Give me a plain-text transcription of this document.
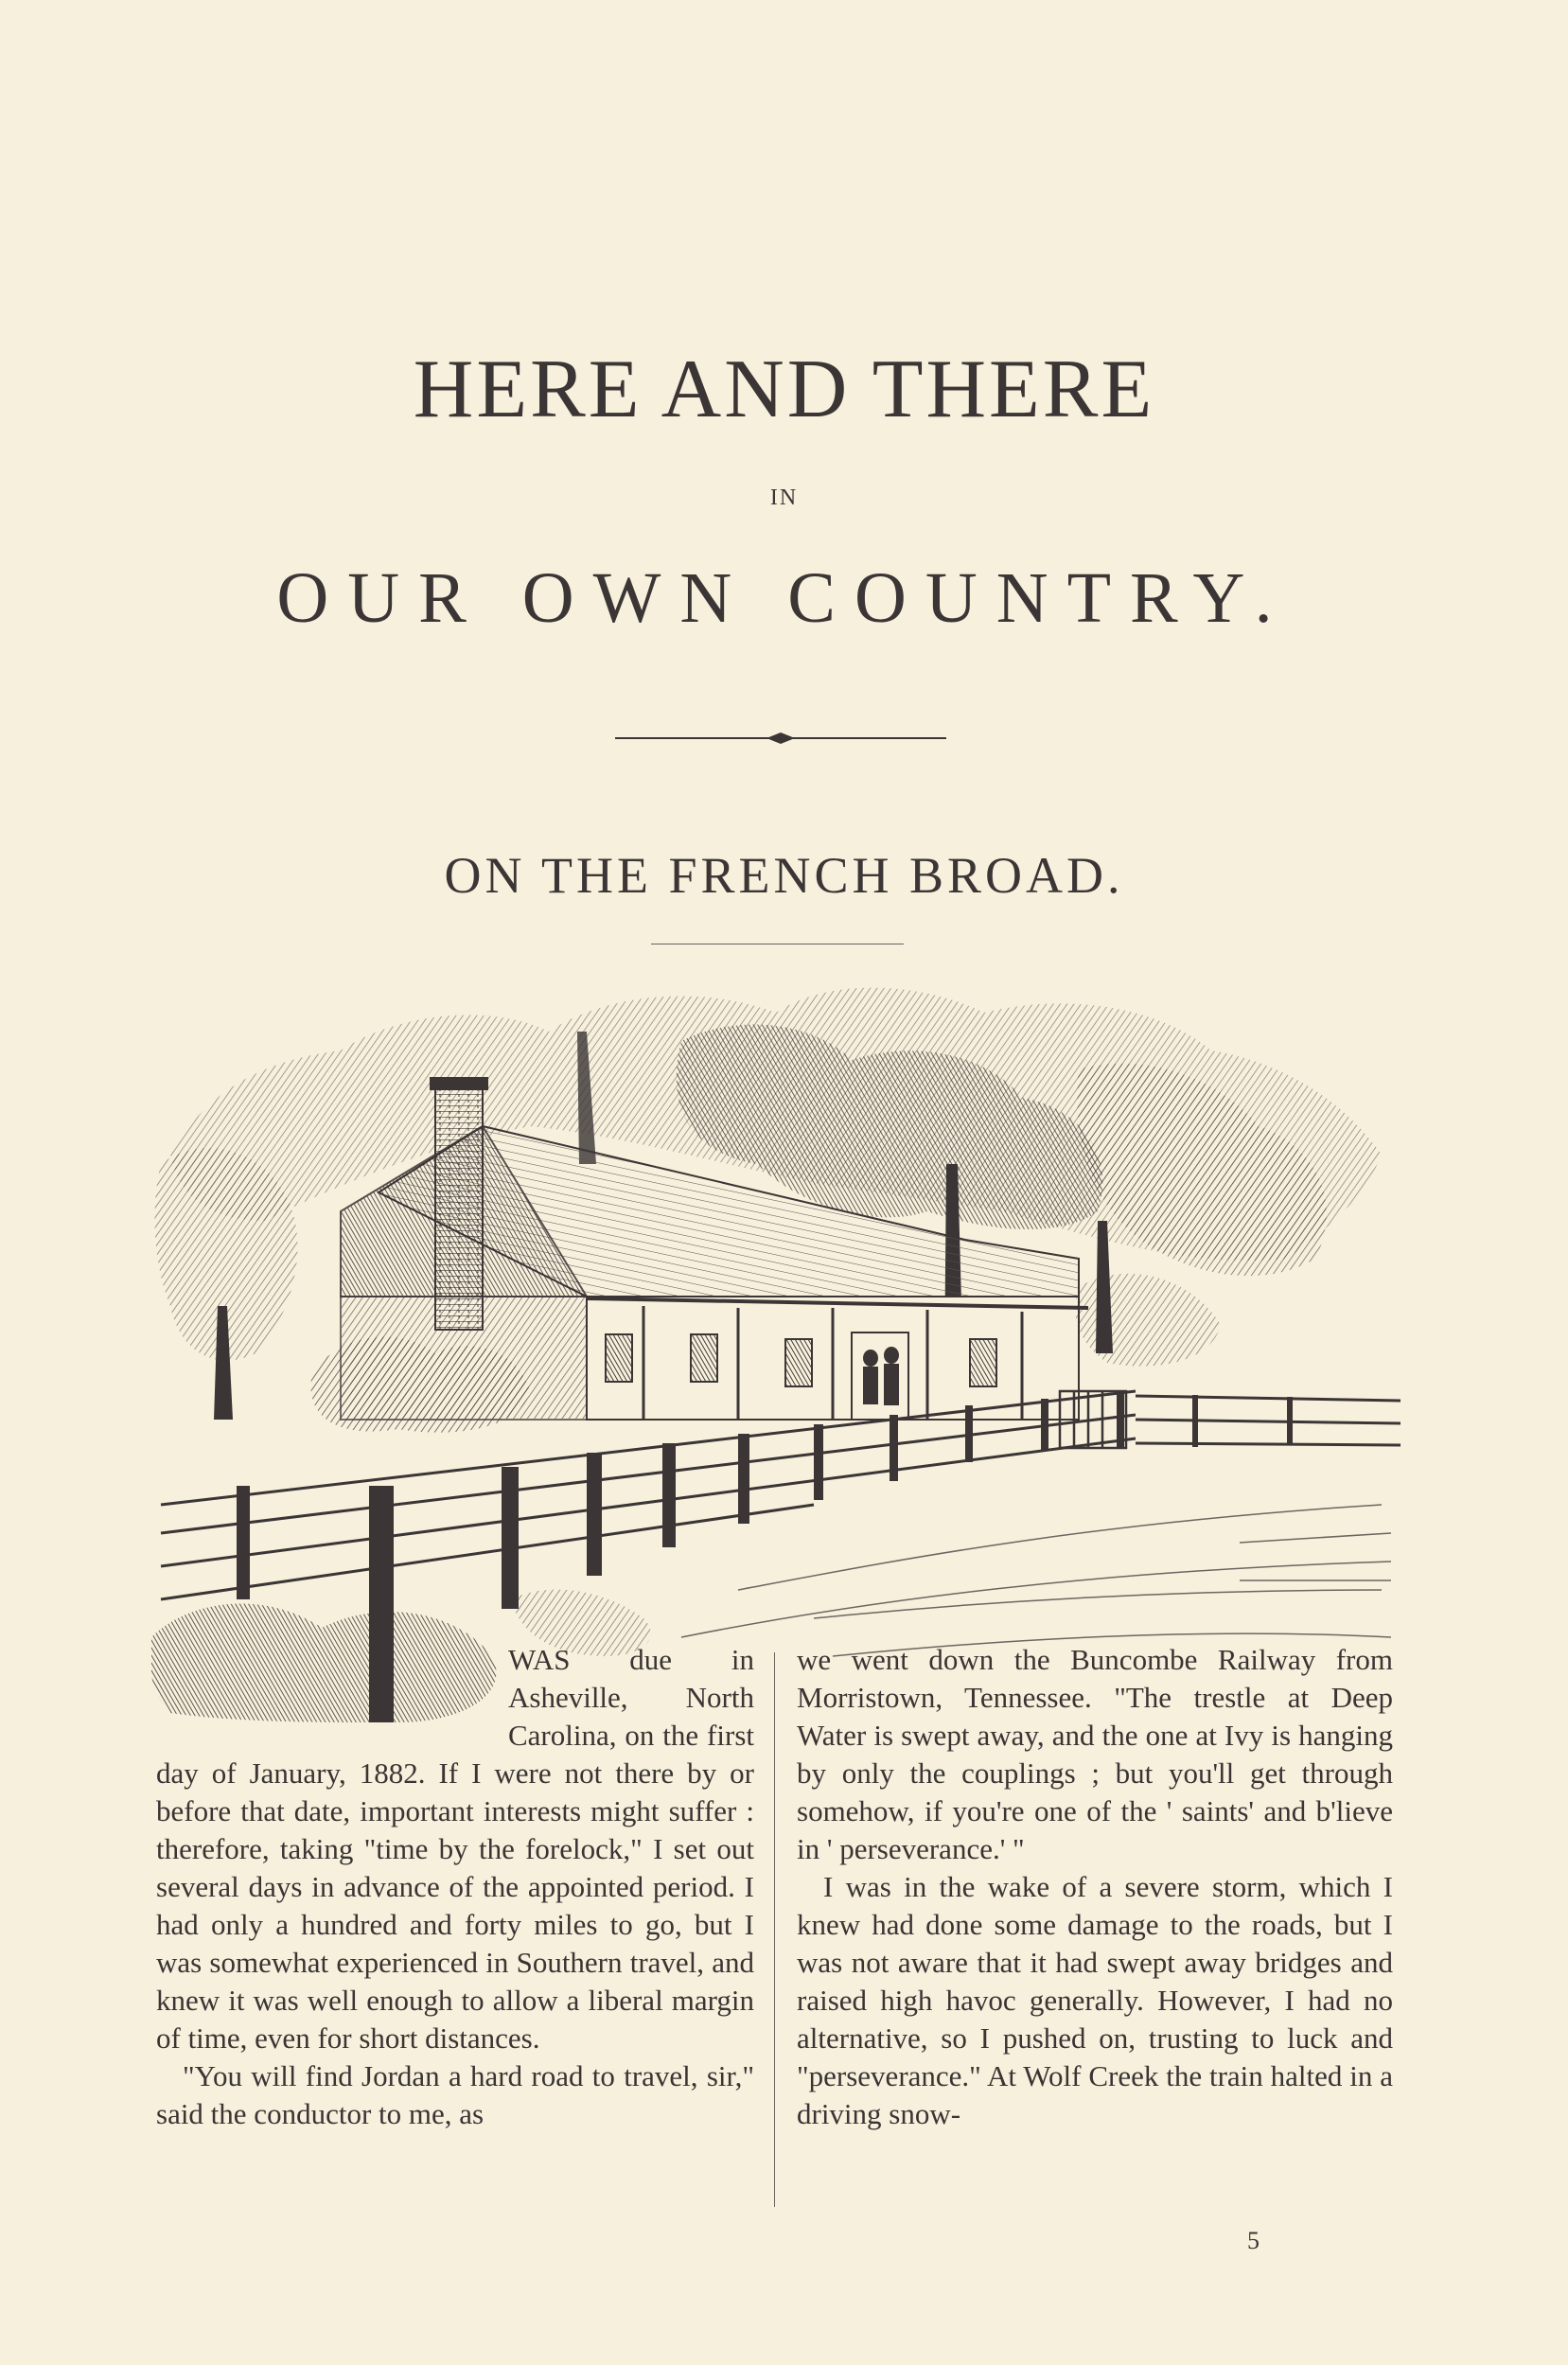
HERE AND THERE
IN
OUR OWN COUNTRY.
ON THE FRENCH BROAD.

WAS due in Asheville, North Carolina, on the first day of January, 1882. If I were not there by or before that date, important interests might suffer : therefore, taking "time by the forelock," I set out several days in advance of the appointed period. I had only a hundred and forty miles to go, but I was somewhat experienced in Southern travel, and knew it was well enough to allow a liberal margin of time, even for short distances.

"You will find Jordan a hard road to travel, sir," said the conductor to me, as

we went down the Buncombe Railway from Morristown, Tennessee. "The trestle at Deep Water is swept away, and the one at Ivy is hanging by only the couplings ; but you'll get through somehow, if you're one of the ' saints' and b'lieve in ' perseverance.' "

I was in the wake of a severe storm, which I knew had done some damage to the roads, but I was not aware that it had swept away bridges and raised high havoc generally. However, I had no alternative, so I pushed on, trusting to luck and "perseverance." At Wolf Creek the train halted in a driving snow-

5
